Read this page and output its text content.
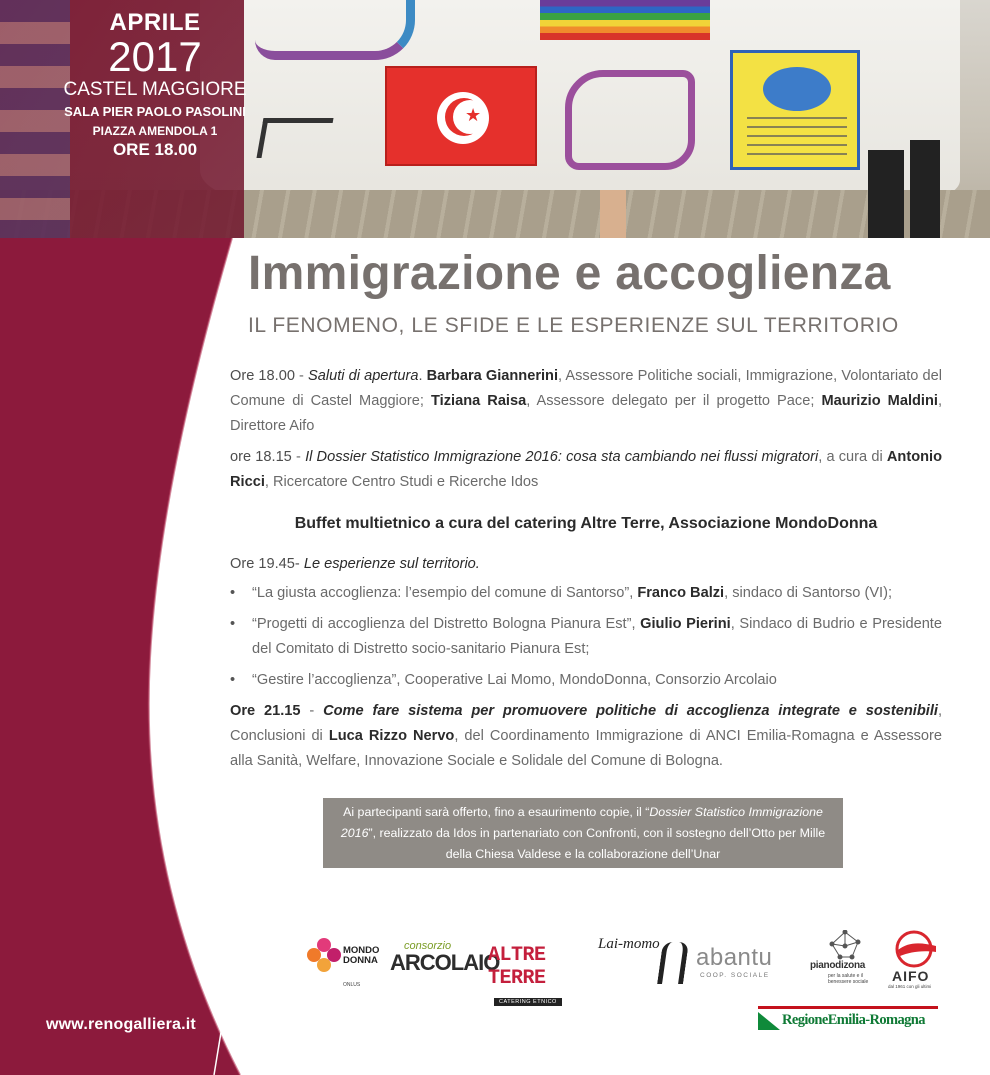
★
APRILE
2017
CASTEL MAGGIORE
SALA PIER PAOLO PASOLINI
PIAZZA AMENDOLA 1
ORE 18.00
www.renogalliera.it
Immigrazione e accoglienza
IL FENOMENO, LE SFIDE E LE ESPERIENZE SUL TERRITORIO

Ore 18.00 - Saluti di apertura. Barbara Giannerini, Assessore Politiche sociali, Immigrazione, Volontariato del Comune di Castel Maggiore; Tiziana Raisa, Assessore delegato per il progetto Pace; Maurizio Maldini, Direttore Aifo

ore 18.15 - Il Dossier Statistico Immigrazione 2016: cosa sta cambiando nei flussi migratori, a cura di Antonio Ricci, Ricercatore Centro Studi e Ricerche Idos

Buffet multietnico a cura del catering Altre Terre, Associazione MondoDonna

Ore 19.45- Le esperienze sul territorio.

• “La giusta accoglienza: l’esempio del comune di Santorso”, Franco Balzi, sindaco di Santorso (VI);
• “Progetti di accoglienza del Distretto Bologna Pianura Est”, Giulio Pierini, Sindaco di Budrio e Presidente del Comitato di Distretto socio-sanitario Pianura Est;
• “Gestire l’accoglienza”, Cooperative Lai Momo, MondoDonna, Consorzio Arcolaio

Ore 21.15 - Come fare sistema per promuovere politiche di accoglienza integrate e sostenibili, Conclusioni di Luca Rizzo Nervo, del Coordinamento Immigrazione di ANCI Emilia-Romagna e Assessore alla Sanità, Welfare, Innovazione Sociale e Solidale del Comune di Bologna.

Ai partecipanti sarà offerto, fino a esaurimento copie, il “Dossier Statistico Immigrazione 2016”, realizzato da Idos in partenariato con Confronti, con il sostegno dell’Otto per Mille della Chiesa Valdese e la collaborazione dell’Unar
MONDO
DONNA
ONLUS
consorzio
ARCOLAIO
ALTRE TERRE
CATERING ETNICO
Lai-momo	abantu
COOP. SOCIALE
pianodizona
per la salute e il benessere sociale	AIFO
dal 1961 con gli ultimi
RegioneEmilia-Romagna
